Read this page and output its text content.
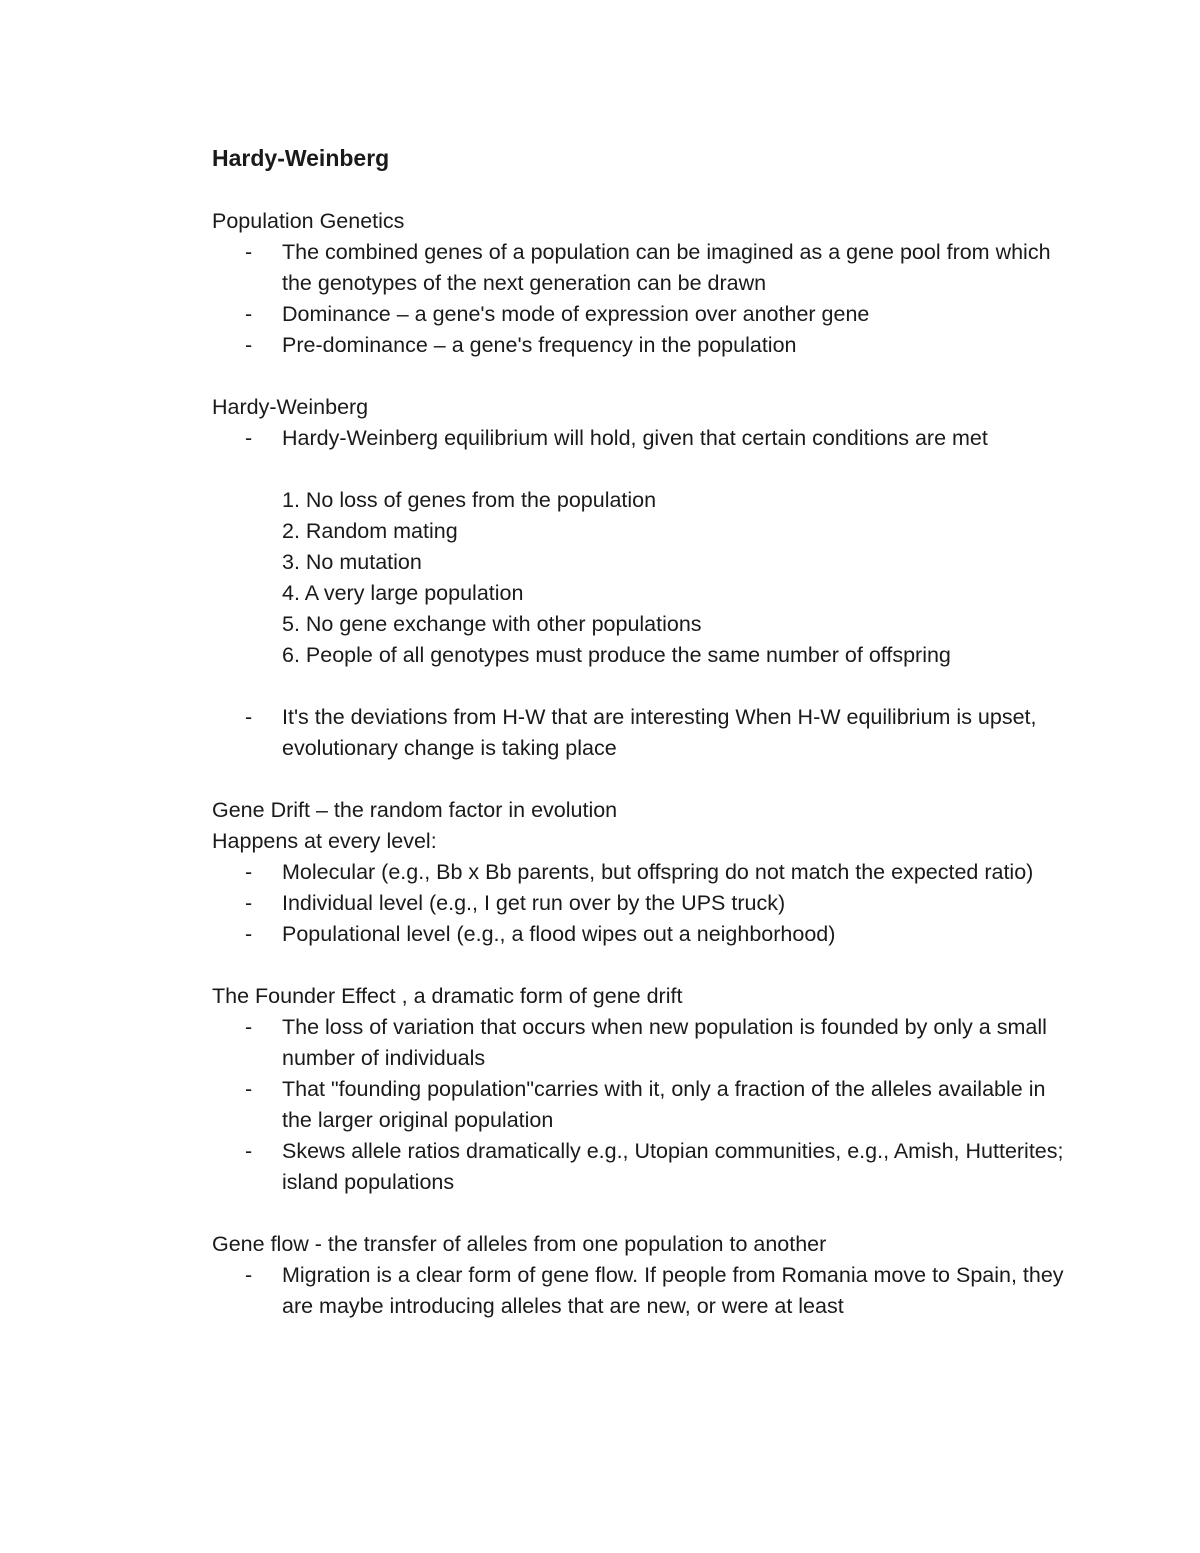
Hardy-Weinberg
Population Genetics
- The combined genes of a population can be imagined as a gene pool from which the genotypes of the next generation can be drawn
- Dominance – a gene's mode of expression over another gene
- Pre-dominance – a gene's frequency in the population
Hardy-Weinberg
- Hardy-Weinberg equilibrium will hold, given that certain conditions are met
1. No loss of genes from the population
2. Random mating
3. No mutation
4. A very large population
5. No gene exchange with other populations
6. People of all genotypes must produce the same number of offspring
- It's the deviations from H-W that are interesting When H-W equilibrium is upset, evolutionary change is taking place
Gene Drift – the random factor in evolution
Happens at every level:
- Molecular (e.g., Bb x Bb parents, but offspring do not match the expected ratio)
- Individual level (e.g., I get run over by the UPS truck)
- Populational level (e.g., a flood wipes out a neighborhood)
The Founder Effect , a dramatic form of gene drift
- The loss of variation that occurs when new population is founded by only a small number of individuals
- That "founding population"carries with it, only a fraction of the alleles available in the larger original population
- Skews allele ratios dramatically e.g., Utopian communities, e.g., Amish, Hutterites; island populations
Gene flow - the transfer of alleles from one population to another
- Migration is a clear form of gene flow. If people from Romania move to Spain, they are maybe introducing alleles that are new, or were at least
